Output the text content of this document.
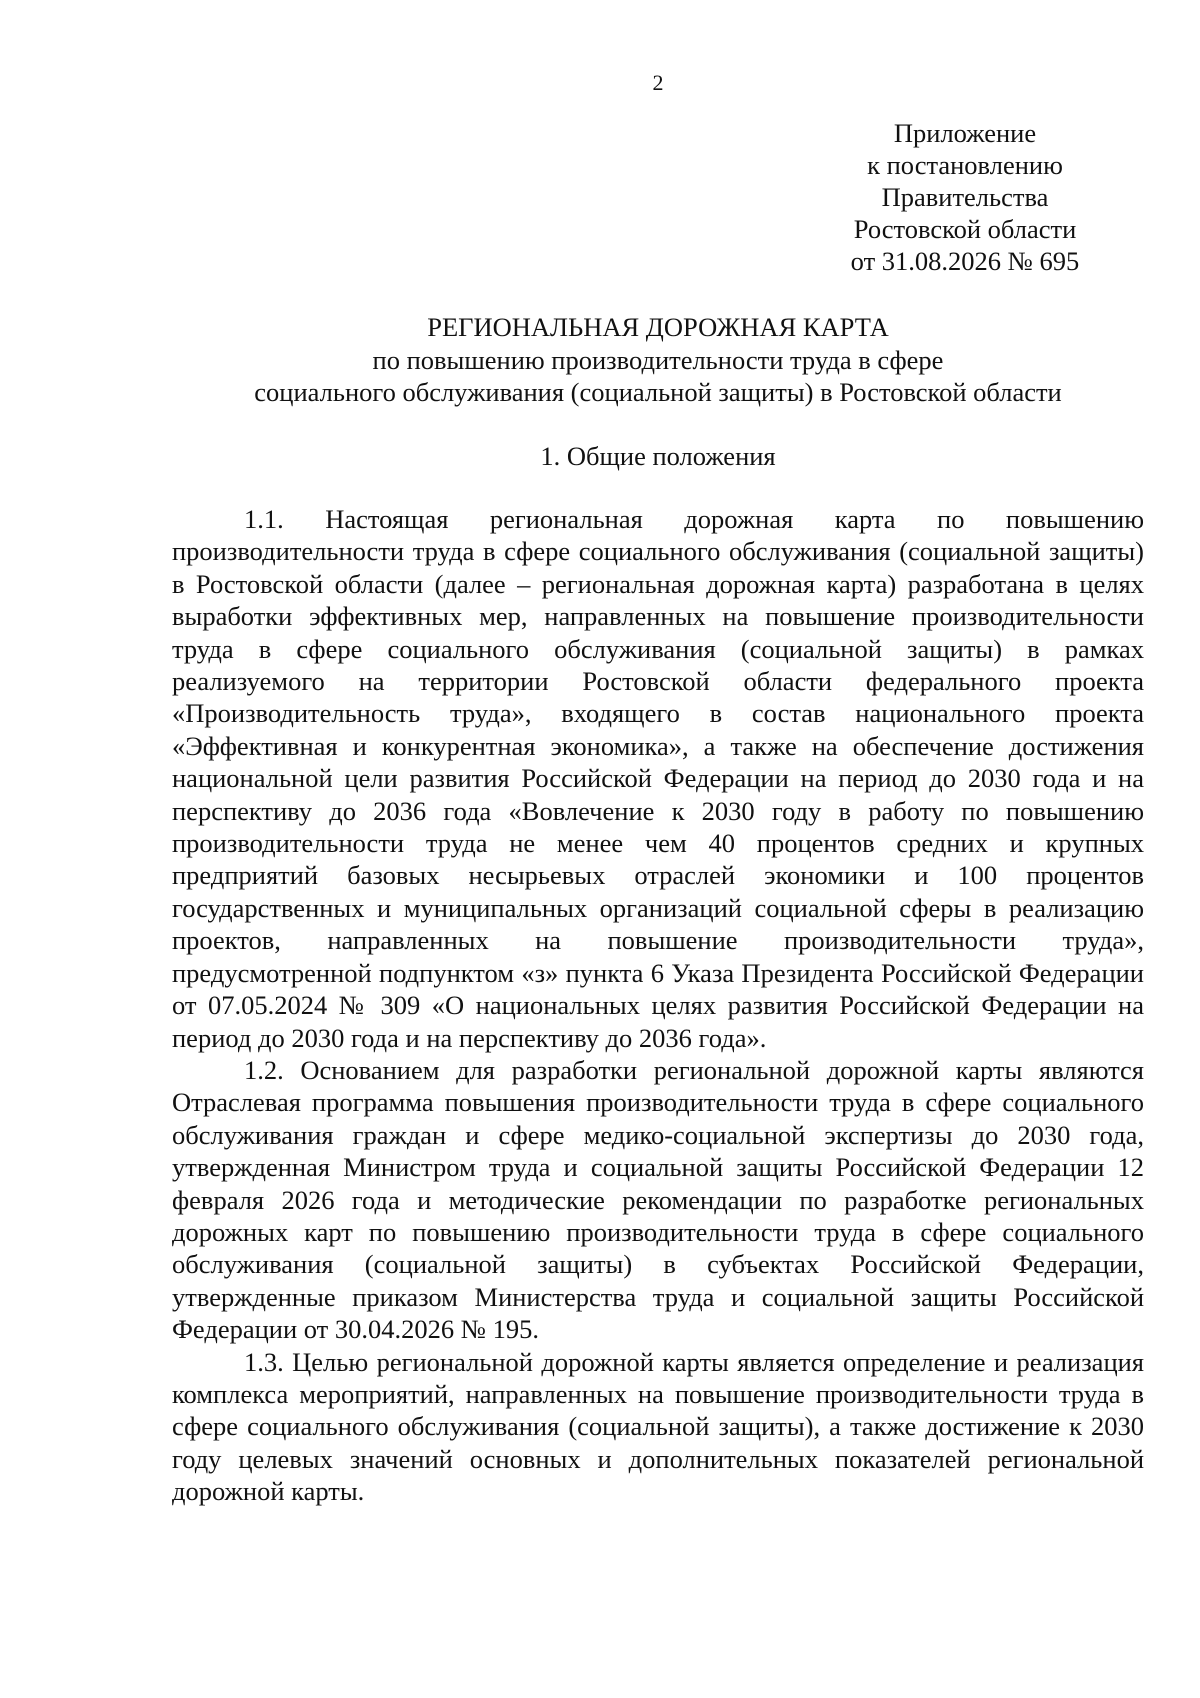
2
Приложение
к постановлению
Правительства
Ростовской области
от 31.08.2026 № 695
РЕГИОНАЛЬНАЯ ДОРОЖНАЯ КАРТА
по повышению производительности труда в сфере
социального обслуживания (социальной защиты) в Ростовской области
1. Общие положения

1.1. Настоящая региональная дорожная карта по повышению производительности труда в сфере социального обслуживания (социальной защиты) в Ростовской области (далее – региональная дорожная карта) разработана в целях выработки эффективных мер, направленных на повышение производительности труда в сфере социального обслуживания (социальной защиты) в рамках реализуемого на территории Ростовской области федерального проекта «Производительность труда», входящего в состав национального проекта «Эффективная и конкурентная экономика», а также на обеспечение достижения национальной цели развития Российской Федерации на период до 2030 года и на перспективу до 2036 года «Вовлечение к 2030 году в работу по повышению производительности труда не менее чем 40 процентов средних и крупных предприятий базовых несырьевых отраслей экономики и 100 процентов государственных и муниципальных организаций социальной сферы в реализацию проектов, направленных на повышение производительности труда», предусмотренной подпунктом «з» пункта 6 Указа Президента Российской Федерации от 07.05.2024 № 309 «О национальных целях развития Российской Федерации на период до 2030 года и на перспективу до 2036 года».

1.2. Основанием для разработки региональной дорожной карты являются Отраслевая программа повышения производительности труда в сфере социального обслуживания граждан и сфере медико-социальной экспертизы до 2030 года, утвержденная Министром труда и социальной защиты Российской Федерации 12 февраля 2026 года и методические рекомендации по разработке региональных дорожных карт по повышению производительности труда в сфере социального обслуживания (социальной защиты) в субъектах Российской Федерации, утвержденные приказом Министерства труда и социальной защиты Российской Федерации от 30.04.2026 № 195.

1.3. Целью региональной дорожной карты является определение и реализация комплекса мероприятий, направленных на повышение производительности труда в сфере социального обслуживания (социальной защиты), а также достижение к 2030 году целевых значений основных и дополнительных показателей региональной дорожной карты.
